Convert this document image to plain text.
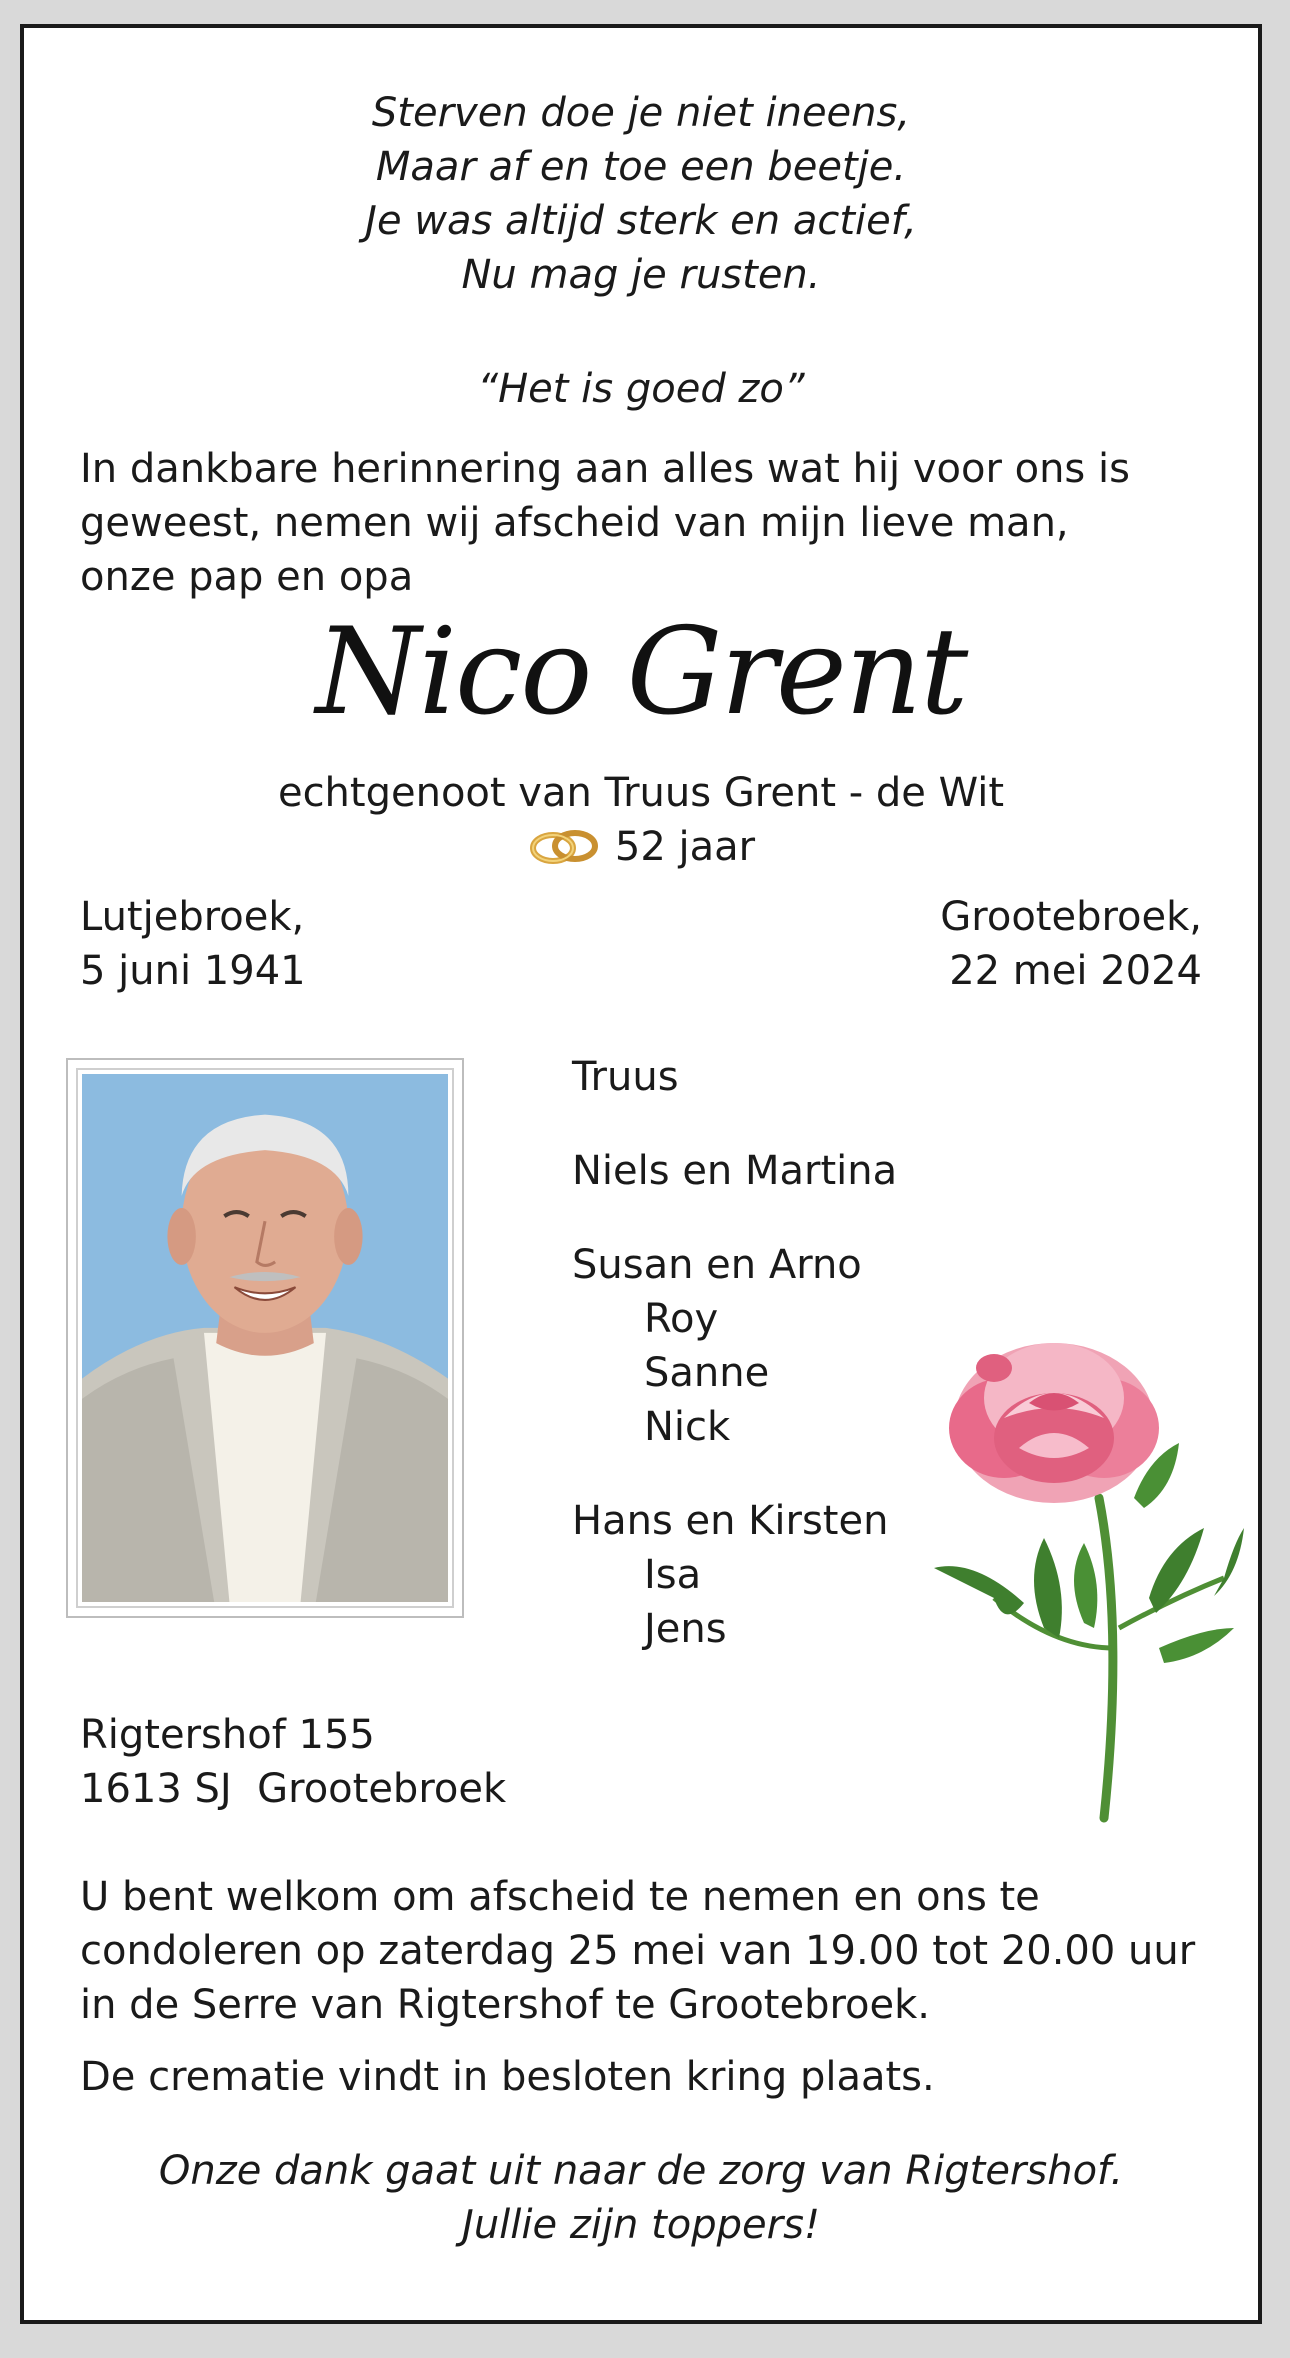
Sterven doe je niet ineens,
Maar af en toe een beetje.
Je was altijd sterk en actief,
Nu mag je rusten.
“Het is goed zo”
In dankbare herinnering aan alles wat hij voor ons is
geweest, nemen wij afscheid van mijn lieve man,
onze pap en opa
Nico Grent
echtgenoot van Truus Grent - de Wit
52 jaar
Lutjebroek,
5 juni 1941
Grootebroek,
22 mei 2024
Truus
Niels en Martina
Susan en Arno
Roy
Sanne
Nick
Hans en Kirsten
Isa
Jens
Rigtershof 155
1613 SJ  Grootebroek
U bent welkom om afscheid te nemen en ons te
condoleren op zaterdag 25 mei van 19.00 tot 20.00 uur
in de Serre van Rigtershof te Grootebroek.
De crematie vindt in besloten kring plaats.
Onze dank gaat uit naar de zorg van Rigtershof.
Jullie zijn toppers!
